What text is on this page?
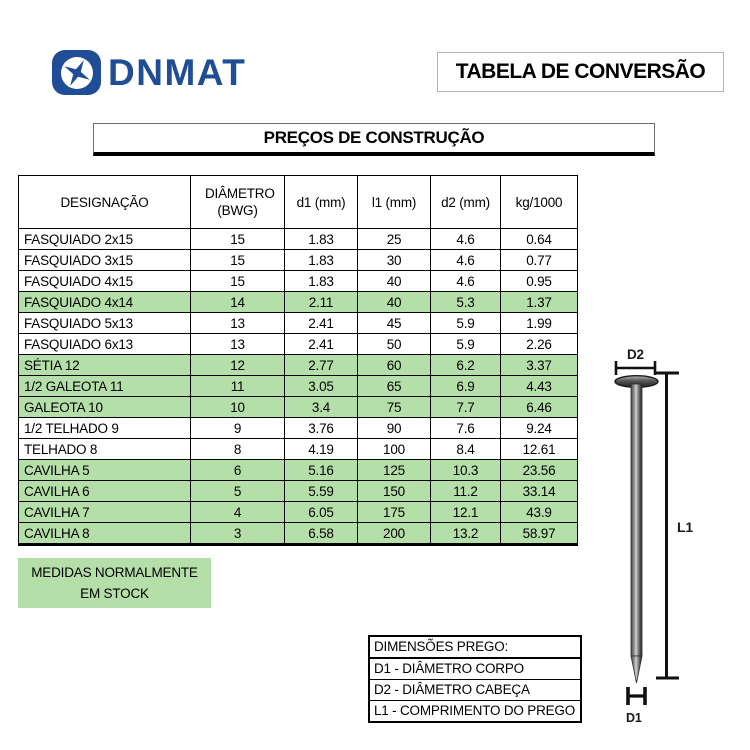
DNMAT	TABELA DE CONVERSÃO
PREÇOS DE CONSTRUÇÃO
DESIGNAÇÃO	DIÂMETRO (BWG)	d1 (mm)	l1 (mm)	d2 (mm)	kg/1000
FASQUIADO 2x15	15	1.83	25	4.6	0.64
FASQUIADO 3x15	15	1.83	30	4.6	0.77
FASQUIADO 4x15	15	1.83	40	4.6	0.95
FASQUIADO 4x14	14	2.11	40	5.3	1.37
FASQUIADO 5x13	13	2.41	45	5.9	1.99
FASQUIADO 6x13	13	2.41	50	5.9	2.26
SÉTIA 12	12	2.77	60	6.2	3.37
1/2 GALEOTA 11	11	3.05	65	6.9	4.43
GALEOTA 10	10	3.4	75	7.7	6.46
1/2 TELHADO 9	9	3.76	90	7.6	9.24
TELHADO 8	8	4.19	100	8.4	12.61
CAVILHA 5	6	5.16	125	10.3	23.56
CAVILHA 6	5	5.59	150	11.2	33.14
CAVILHA 7	4	6.05	175	12.1	43.9
CAVILHA 8	3	6.58	200	13.2	58.97
MEDIDAS NORMALMENTE
EM STOCK
DIMENSÕES PREGO:
D1 - DIÂMETRO CORPO
D2 - DIÂMETRO CABEÇA
L1 - COMPRIMENTO DO PREGO
D2
L1
D1
